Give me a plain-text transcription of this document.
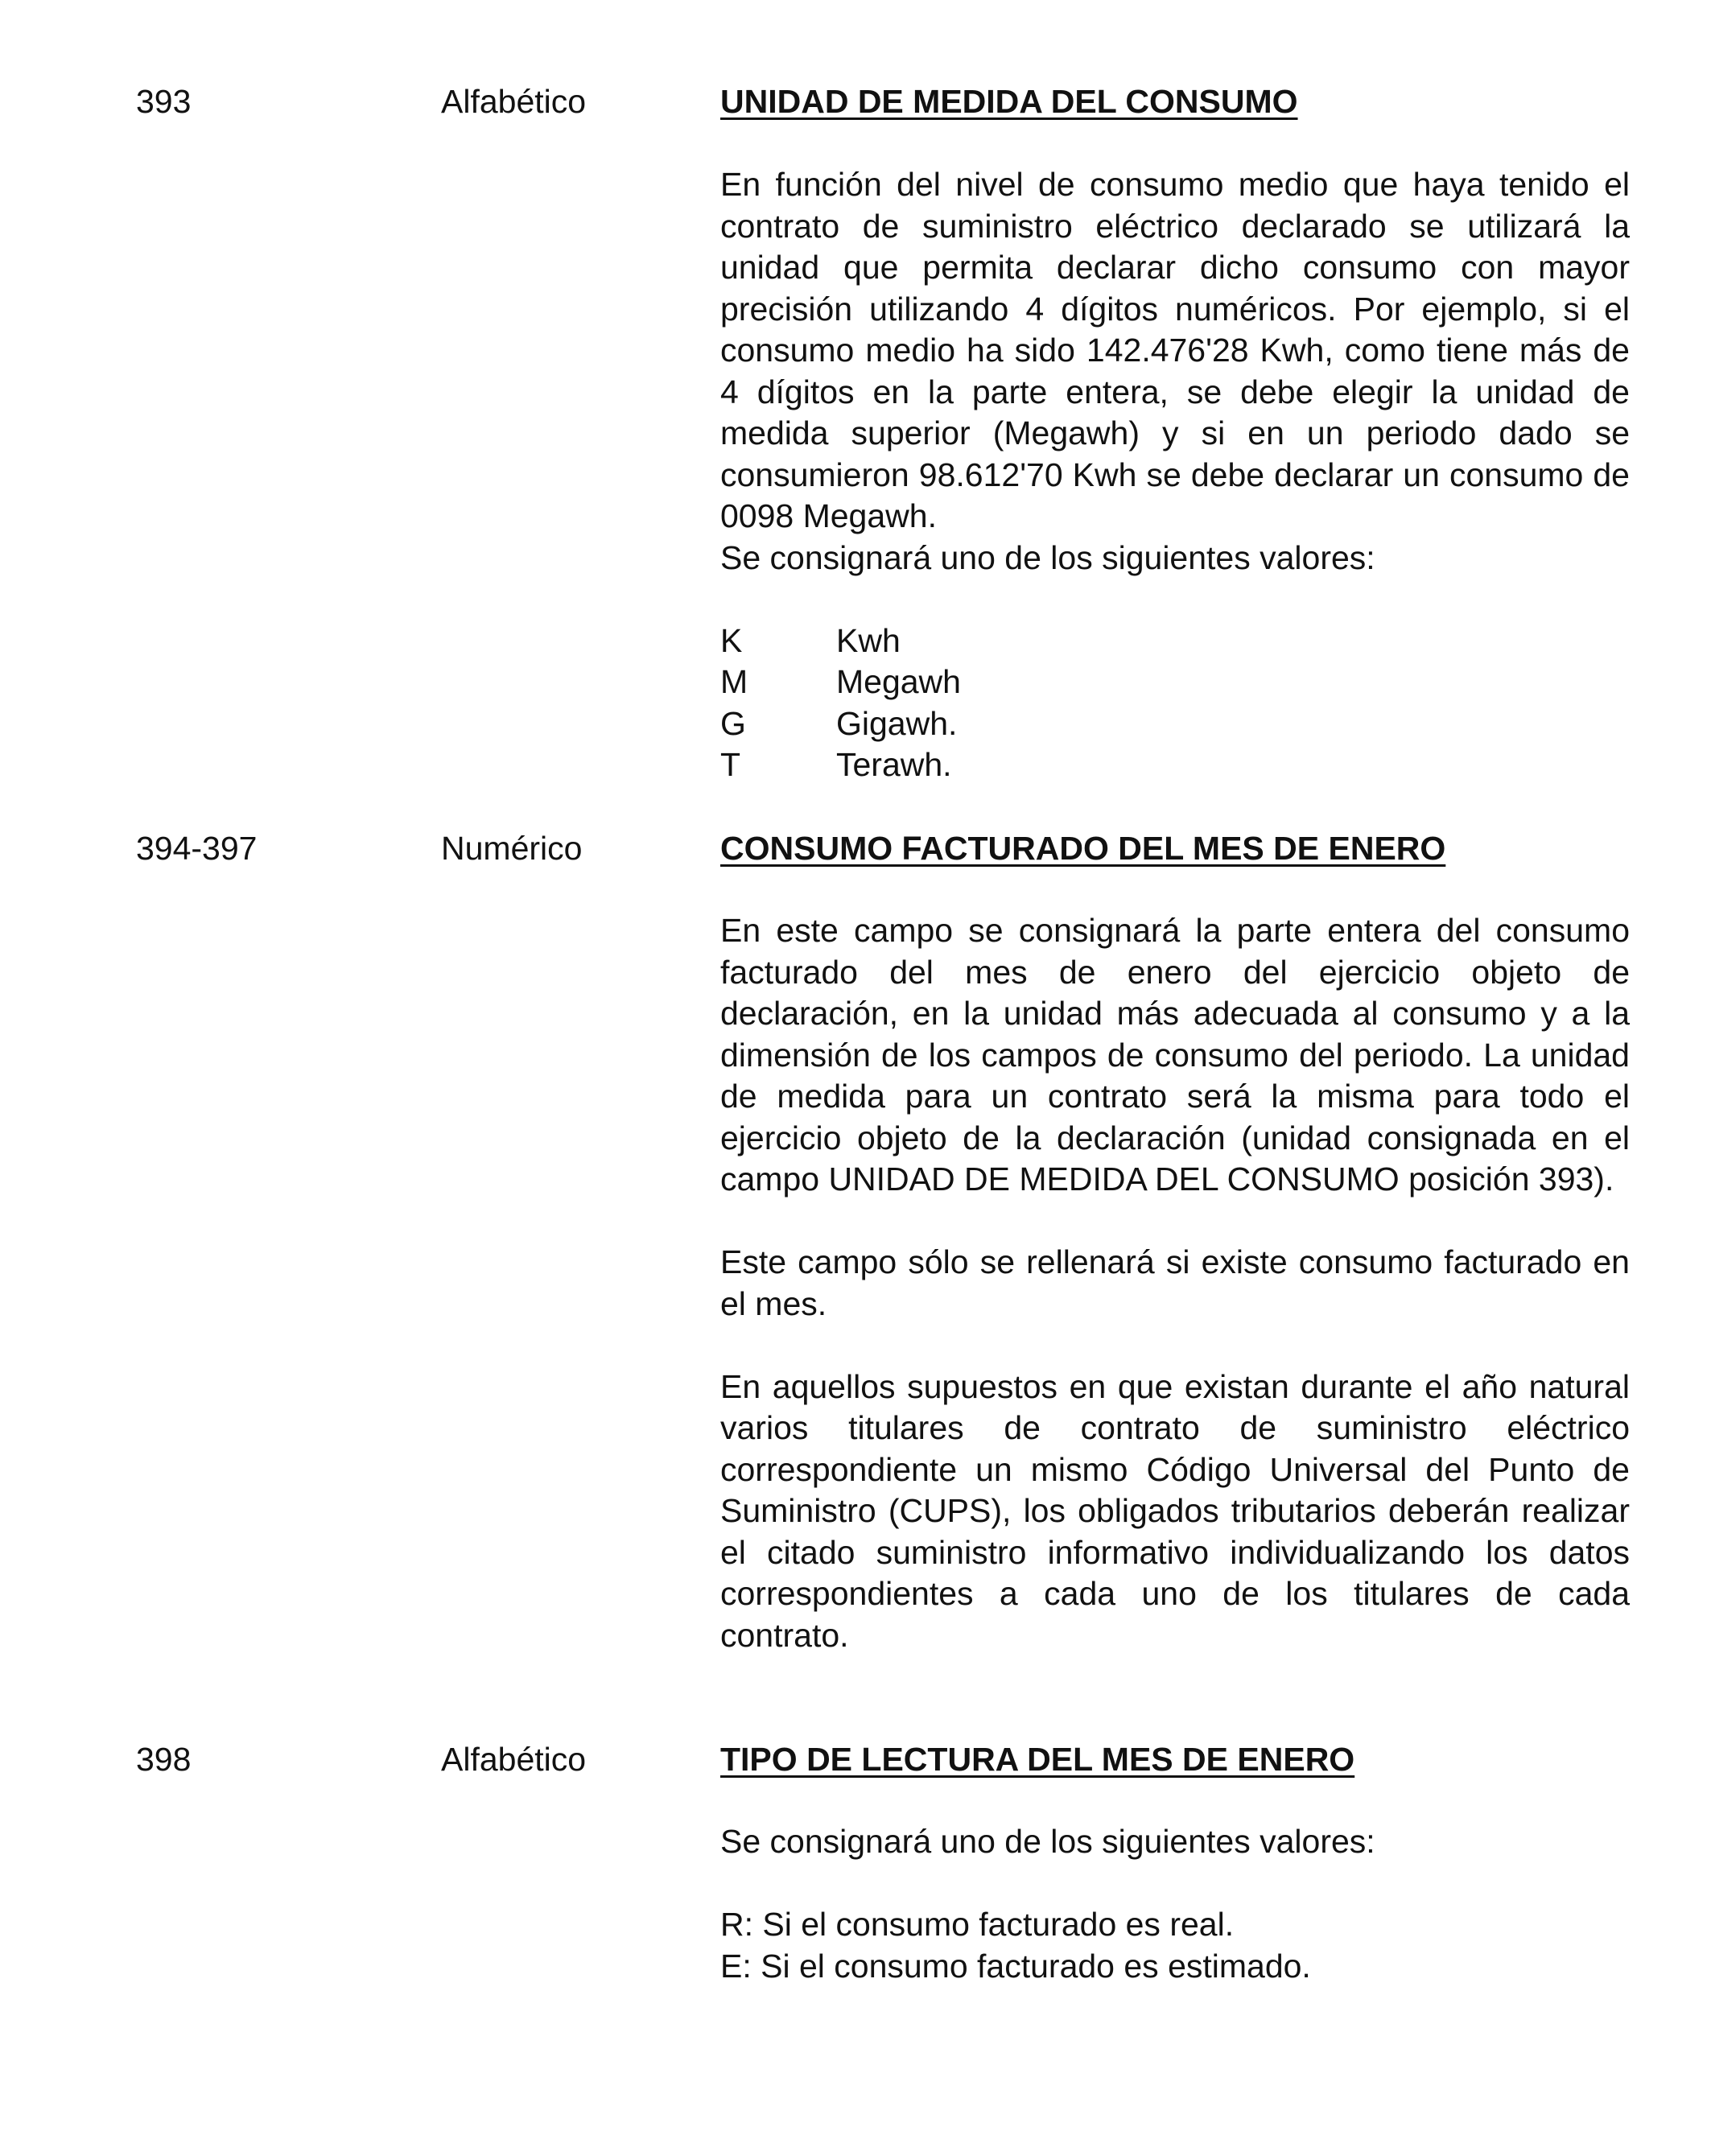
393	Alfabético	UNIDAD DE MEDIDA DEL CONSUMO

En función del nivel de consumo medio que haya tenido el contrato de suministro eléctrico declarado se utilizará la unidad que permita declarar dicho consumo con mayor precisión utilizando 4 dígitos numéricos. Por ejemplo, si el consumo medio ha sido 142.476'28 Kwh, como tiene más de 4 dígitos en la parte entera, se debe elegir la unidad de medida superior (Megawh) y si en un periodo dado se consumieron 98.612'70 Kwh se debe declarar un consumo de 0098 Megawh.

Se consignará uno de los siguientes valores:

K	Kwh
M	Megawh
G	Gigawh.
T	Terawh.
394-397	Numérico	CONSUMO FACTURADO DEL MES DE ENERO

En este campo se consignará la parte entera del consumo facturado del mes de enero del ejercicio objeto de declaración, en la unidad más adecuada al consumo y a la dimensión de los campos de consumo del periodo. La unidad de medida para un contrato será la misma para todo el ejercicio objeto de la declaración (unidad consignada en el campo UNIDAD DE MEDIDA DEL CONSUMO posición 393).

Este campo sólo se rellenará si existe consumo facturado en el mes.

En aquellos supuestos en que existan durante el año natural varios titulares de contrato de suministro eléctrico correspondiente un mismo Código Universal del Punto de Suministro (CUPS), los obligados tributarios deberán realizar el citado suministro informativo individualizando los datos correspondientes a cada uno de los titulares de cada contrato.

398	Alfabético	TIPO DE LECTURA DEL MES DE ENERO

Se consignará uno de los siguientes valores:

R: Si el consumo facturado es real.

E: Si el consumo facturado es estimado.
